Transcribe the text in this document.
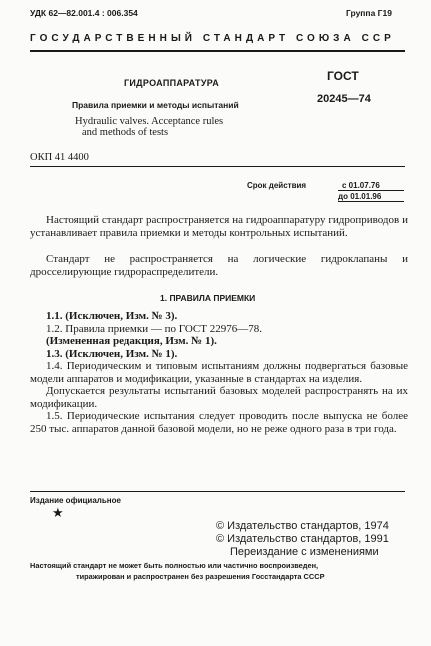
УДК 62—82.001.4 : 006.354	Группа Г19
ГОСУДАРСТВЕННЫЙ СТАНДАРТ СОЮЗА ССР
ГИДРОАППАРАТУРА
Правила приемки и методы испытаний
Hydraulic valves. Acceptance rules
and methods of tests
ГОСТ
20245—74
ОКП 41 4400
Срок действия	с 01.07.76
до 01.01.96
Настоящий стандарт распространяется на гидроаппаратуру гидроприводов и устанавливает правила приемки и методы контрольных испытаний.
Стандарт не распространяется на логические гидроклапаны и дросселирующие гидрораспределители.
1. ПРАВИЛА ПРИЕМКИ

1.1. (Исключен, Изм. № 3).

1.2. Правила приемки — по ГОСТ 22976—78.

(Измененная редакция, Изм. № 1).

1.3. (Исключен, Изм. № 1).

1.4. Периодическим и типовым испытаниям должны подвергаться базовые модели аппаратов и модификации, указанные в стандартах на изделия.

Допускается результаты испытаний базовых моделей распространять на их модификации.

1.5. Периодические испытания следует проводить после выпуска не более 250 тыс. аппаратов данной базовой модели, но не реже одного раза в три года.

Издание официальное
★
© Издательство стандартов, 1974
© Издательство стандартов, 1991
Переиздание с изменениями
Настоящий стандарт не может быть полностью или частично воспроизведен,
тиражирован и распространен без разрешения Госстандарта СССР
